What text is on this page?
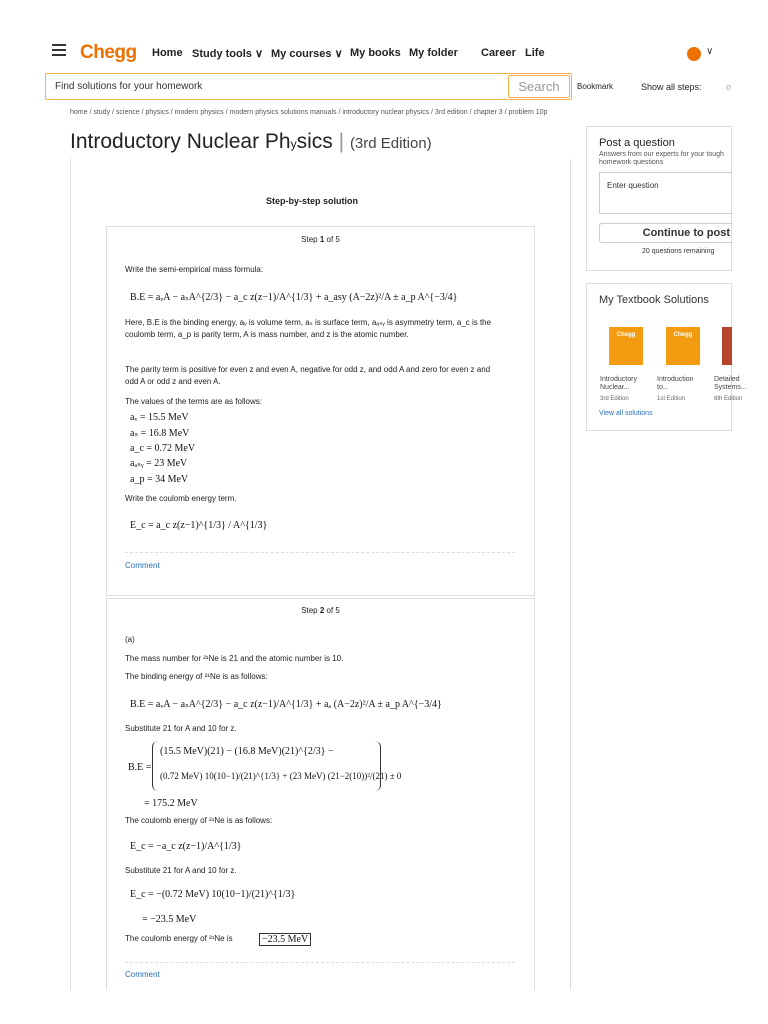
Chegg Home Study tools ∨ My courses ∨ My books My folder Career Life	∨
Find solutions for your homework	Search	Bookmark	Show all steps:	o
home / study / science / physics / modern physics / modern physics solutions manuals / introductory nuclear physics / 3rd edition / chapter 3 / problem 10p
Introductory Nuclear Physics | (3rd Edition)
Step-by-step solution
Step 1 of 5
Write the semi-empirical mass formula:
B.E = aᵥA − aₛA^{2/3} − a_c z(z−1)/A^{1/3} + a_asy (A−2z)²/A ± a_p A^{−3/4}
Here, B.E is the binding energy, aᵥ is volume term, aₛ is surface term, aₐₛᵧ is asymmetry term, a_c is the coulomb term, a_p is parity term, A is mass number, and z is the atomic number.
The parity term is positive for even z and even A, negative for odd z, and odd A and zero for even z and odd A or odd z and even A.
The values of the terms are as follows:
aᵥ = 15.5 MeV
aₛ = 16.8 MeV
a_c = 0.72 MeV
aₐₛᵧ = 23 MeV
a_p = 34 MeV
Write the coulomb energy term.
E_c = a_c z(z−1)^{1/3} / A^{1/3}
Comment
Step 2 of 5
(a)
The mass number for ²¹Ne is 21 and the atomic number is 10.
The binding energy of ²¹Ne is as follows:
B.E = aᵥA − aₛA^{2/3} − a_c z(z−1)/A^{1/3} + aₐ (A−2z)²/A ± a_p A^{−3/4}
Substitute 21 for A and 10 for z.
B.E =
(15.5 MeV)(21) − (16.8 MeV)(21)^{2/3} −
(0.72 MeV) 10(10−1)/(21)^{1/3} + (23 MeV) (21−2(10))²/(21) ± 0
= 175.2 MeV
The coulomb energy of ²¹Ne is as follows:
E_c = −a_c z(z−1)/A^{1/3}
Substitute 21 for A and 10 for z.
E_c = −(0.72 MeV) 10(10−1)/(21)^{1/3}
= −23.5 MeV
The coulomb energy of ²¹Ne is	−23.5 MeV
Comment
Post a question
Answers from our experts for your tough homework questions
Enter question
Continue to post
20 questions remaining
My Textbook Solutions
Chegg	Chegg
Introductory Nuclear...
Introduction to...
Detailed Systems...
3rd Edition	1st Edition	6th Edition
View all solutions
